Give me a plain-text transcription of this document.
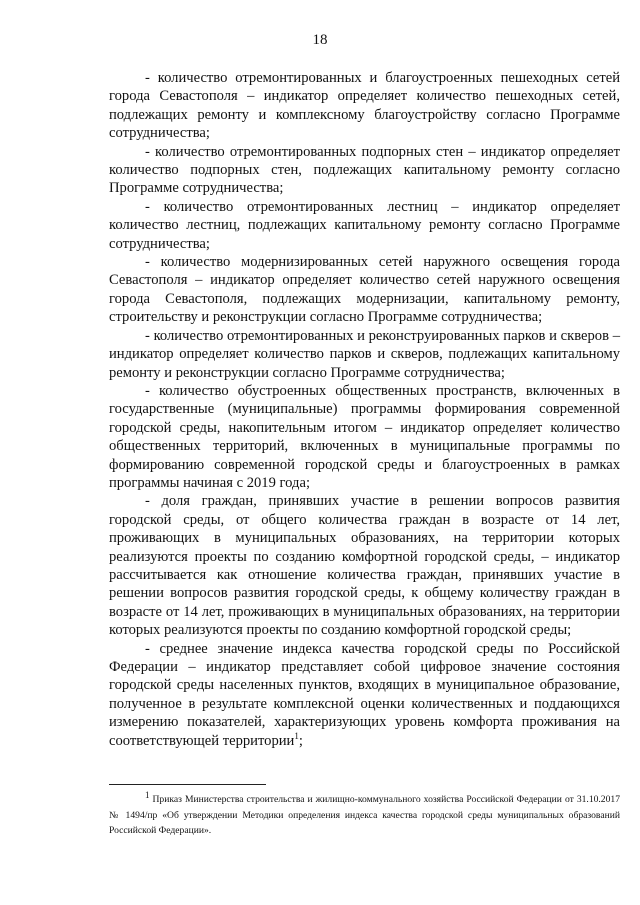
18

- количество отремонтированных и благоустроенных пешеходных сетей города Севастополя – индикатор определяет количество пешеходных сетей, подлежащих ремонту и комплексному благоустройству согласно Программе сотрудничества;

- количество отремонтированных подпорных стен – индикатор определяет количество подпорных стен, подлежащих капитальному ремонту согласно Программе сотрудничества;

- количество отремонтированных лестниц – индикатор определяет количество лестниц, подлежащих капитальному ремонту согласно Программе сотрудничества;

- количество модернизированных сетей наружного освещения города Севастополя – индикатор определяет количество сетей наружного освещения города Севастополя, подлежащих модернизации, капитальному ремонту, строительству и реконструкции согласно Программе сотрудничества;

- количество отремонтированных и реконструированных парков и скверов – индикатор определяет количество парков и скверов, подлежащих капитальному ремонту и реконструкции согласно Программе сотрудничества;

- количество обустроенных общественных пространств, включенных в государственные (муниципальные) программы формирования современной городской среды, накопительным итогом – индикатор определяет количество общественных территорий, включенных в муниципальные программы по формированию современной городской среды и благоустроенных в рамках программы начиная с 2019 года;

- доля граждан, принявших участие в решении вопросов развития городской среды, от общего количества граждан в возрасте от 14 лет, проживающих в муниципальных образованиях, на территории которых реализуются проекты по созданию комфортной городской среды, – индикатор рассчитывается как отношение количества граждан, принявших участие в решении вопросов развития городской среды, к общему количеству граждан в возрасте от 14 лет, проживающих в муниципальных образованиях, на территории которых реализуются проекты по созданию комфортной городской среды;

- среднее значение индекса качества городской среды по Российской Федерации – индикатор представляет собой цифровое значение состояния городской среды населенных пунктов, входящих в муниципальное образование, полученное в результате комплексной оценки количественных и поддающихся измерению показателей, характеризующих уровень комфорта проживания на соответствующей территории$^1$;

$^1$ Приказ Министерства строительства и жилищно-коммунального хозяйства Российской Федерации от 31.10.2017 № 1494/пр «Об утверждении Методики определения индекса качества городской среды муниципальных образований Российской Федерации».
